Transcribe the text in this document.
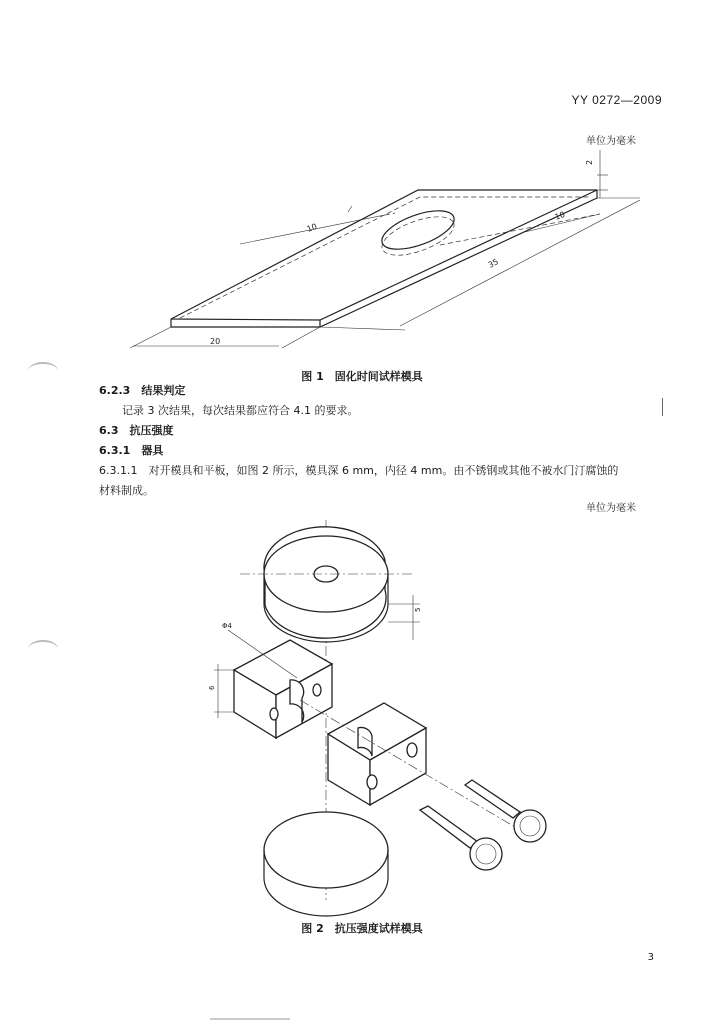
YY 0272—2009
单位为毫米
20
35
10
10
2
图 1　固化时间试样模具
6.2.3　 结果判定
记录 3 次结果，每次结果都应符合 4.1 的要求。
6.3　 抗压强度
6.3.1　 器具
6.3.1.1　 对开模具和平板，如图 2 所示，模具深 6 mm，内径 4 mm。由不锈钢或其他不被水门汀腐蚀的
材料制成。
单位为毫米
5
Φ4
6
图 2　抗压强度试样模具
3
